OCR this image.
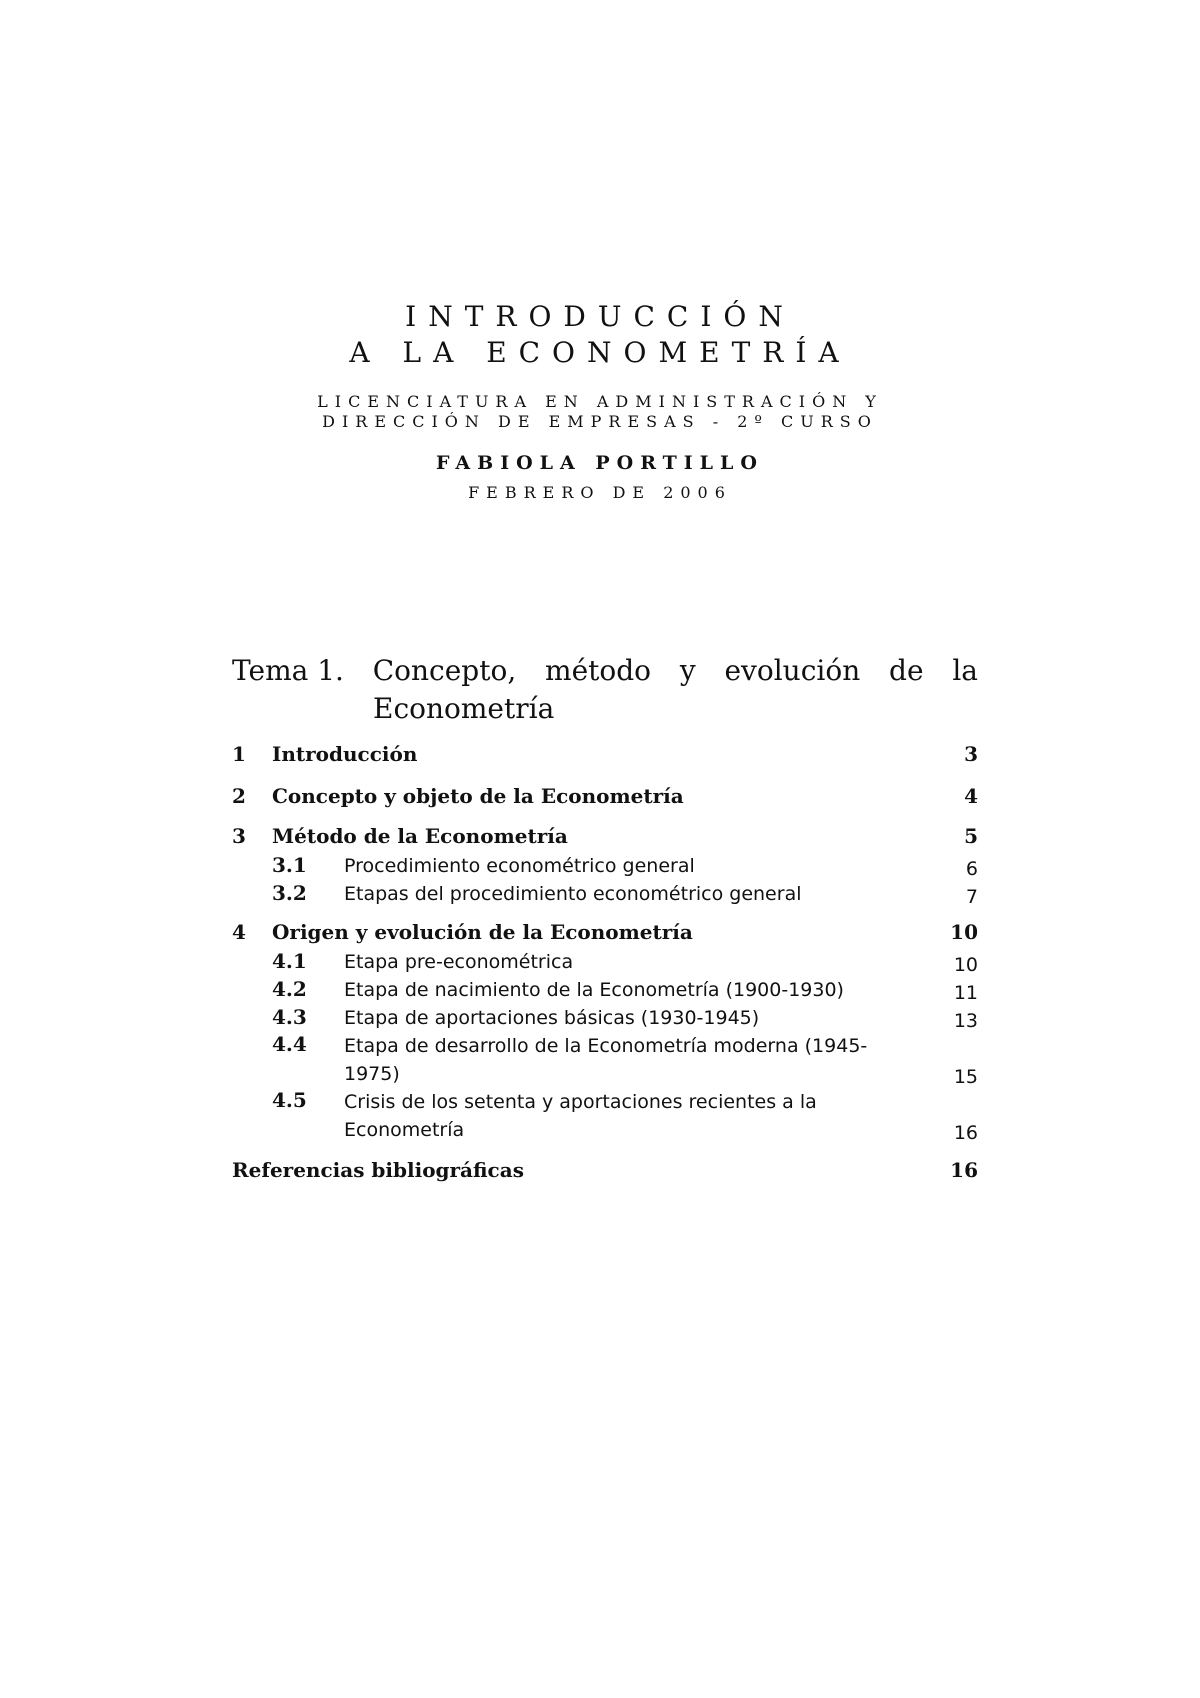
INTRODUCCIÓN
A LA ECONOMETRÍA
LICENCIATURA EN ADMINISTRACIÓN Y
DIRECCIÓN DE EMPRESAS - 2º CURSO
FABIOLA PORTILLO
FEBRERO DE 2006
Tema 1. Concepto, método y evolución de la
Econometría
1	Introducción	3
2	Concepto y objeto de la Econometría	4
3	Método de la Econometría	5
3.1	Procedimiento econométrico general	6
3.2	Etapas del procedimiento econométrico general	7
4	Origen y evolución de la Econometría	10
4.1	Etapa pre-econométrica	10
4.2	Etapa de nacimiento de la Econometría (1900-1930)	11
4.3	Etapa de aportaciones básicas (1930-1945)	13
4.4	Etapa de desarrollo de la Econometría moderna (1945-
1975)	15
4.5	Crisis de los setenta y aportaciones recientes a la
Econometría	16
Referencias bibliográficas	16
